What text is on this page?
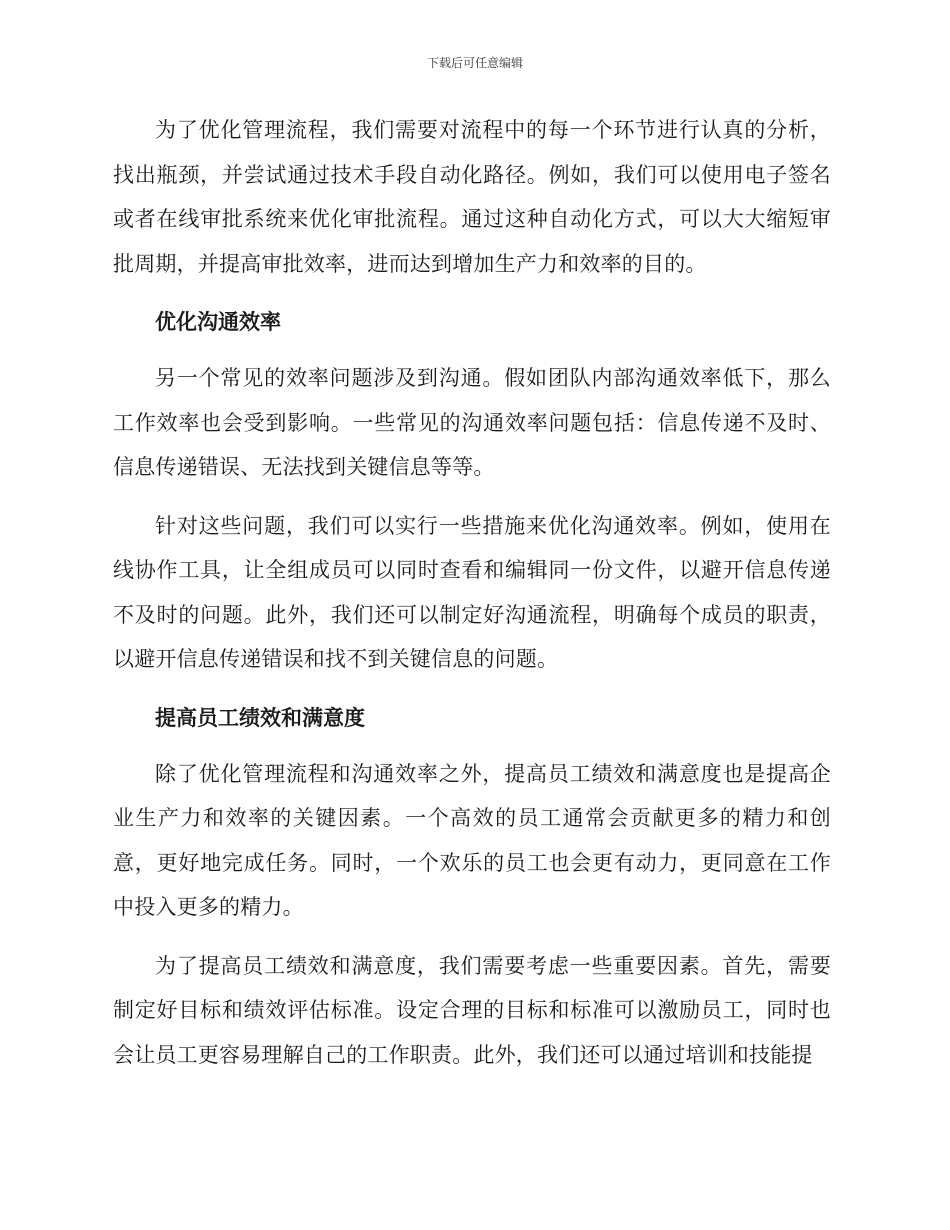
下载后可任意编辑

为了优化管理流程，我们需要对流程中的每一个环节进行认真的分析，找出瓶颈，并尝试通过技术手段自动化路径。例如，我们可以使用电子签名或者在线审批系统来优化审批流程。通过这种自动化方式，可以大大缩短审批周期，并提高审批效率，进而达到增加生产力和效率的目的。

优化沟通效率

另一个常见的效率问题涉及到沟通。假如团队内部沟通效率低下，那么工作效率也会受到影响。一些常见的沟通效率问题包括：信息传递不及时、信息传递错误、无法找到关键信息等等。

针对这些问题，我们可以实行一些措施来优化沟通效率。例如，使用在线协作工具，让全组成员可以同时查看和编辑同一份文件，以避开信息传递不及时的问题。此外，我们还可以制定好沟通流程，明确每个成员的职责，以避开信息传递错误和找不到关键信息的问题。

提高员工绩效和满意度

除了优化管理流程和沟通效率之外，提高员工绩效和满意度也是提高企业生产力和效率的关键因素。一个高效的员工通常会贡献更多的精力和创意，更好地完成任务。同时，一个欢乐的员工也会更有动力，更同意在工作中投入更多的精力。

为了提高员工绩效和满意度，我们需要考虑一些重要因素。首先，需要制定好目标和绩效评估标准。设定合理的目标和标准可以激励员工，同时也会让员工更容易理解自己的工作职责。此外，我们还可以通过培训和技能提
